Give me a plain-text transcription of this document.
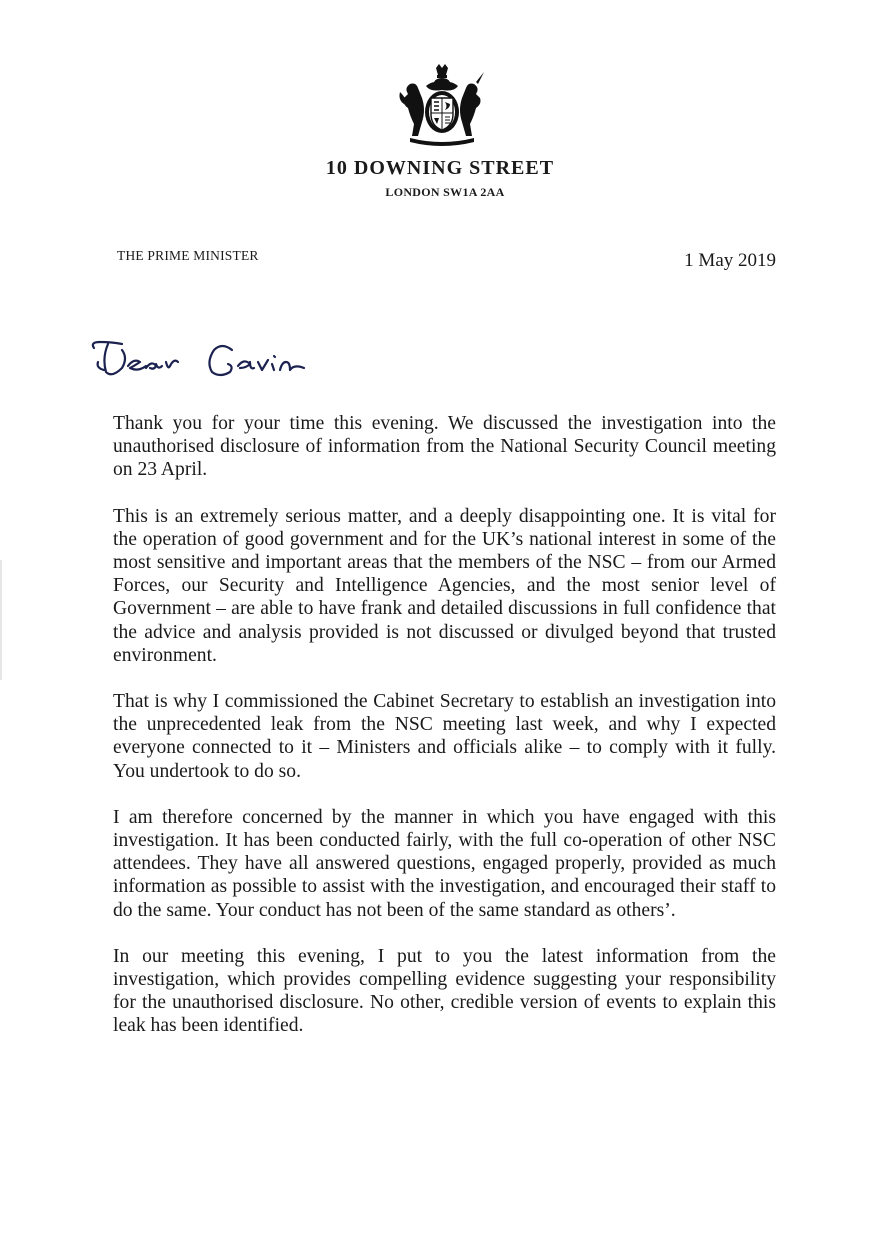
10 DOWNING STREET
LONDON SW1A 2AA
THE PRIME MINISTER	1 May 2019

Thank you for your time this evening. We discussed the investigation into the unauthorised disclosure of information from the National Security Council meeting on 23 April.

This is an extremely serious matter, and a deeply disappointing one. It is vital for the operation of good government and for the UK’s national interest in some of the most sensitive and important areas that the members of the NSC – from our Armed Forces, our Security and Intelligence Agencies, and the most senior level of Government – are able to have frank and detailed discussions in full confidence that the advice and analysis provided is not discussed or divulged beyond that trusted environment.

That is why I commissioned the Cabinet Secretary to establish an investigation into the unprecedented leak from the NSC meeting last week, and why I expected everyone connected to it – Ministers and officials alike – to comply with it fully. You undertook to do so.

I am therefore concerned by the manner in which you have engaged with this investigation. It has been conducted fairly, with the full co-operation of other NSC attendees. They have all answered questions, engaged properly, provided as much information as possible to assist with the investigation, and encouraged their staff to do the same. Your conduct has not been of the same standard as others’.

In our meeting this evening, I put to you the latest information from the investigation, which provides compelling evidence suggesting your responsibility for the unauthorised disclosure. No other, credible version of events to explain this leak has been identified.
